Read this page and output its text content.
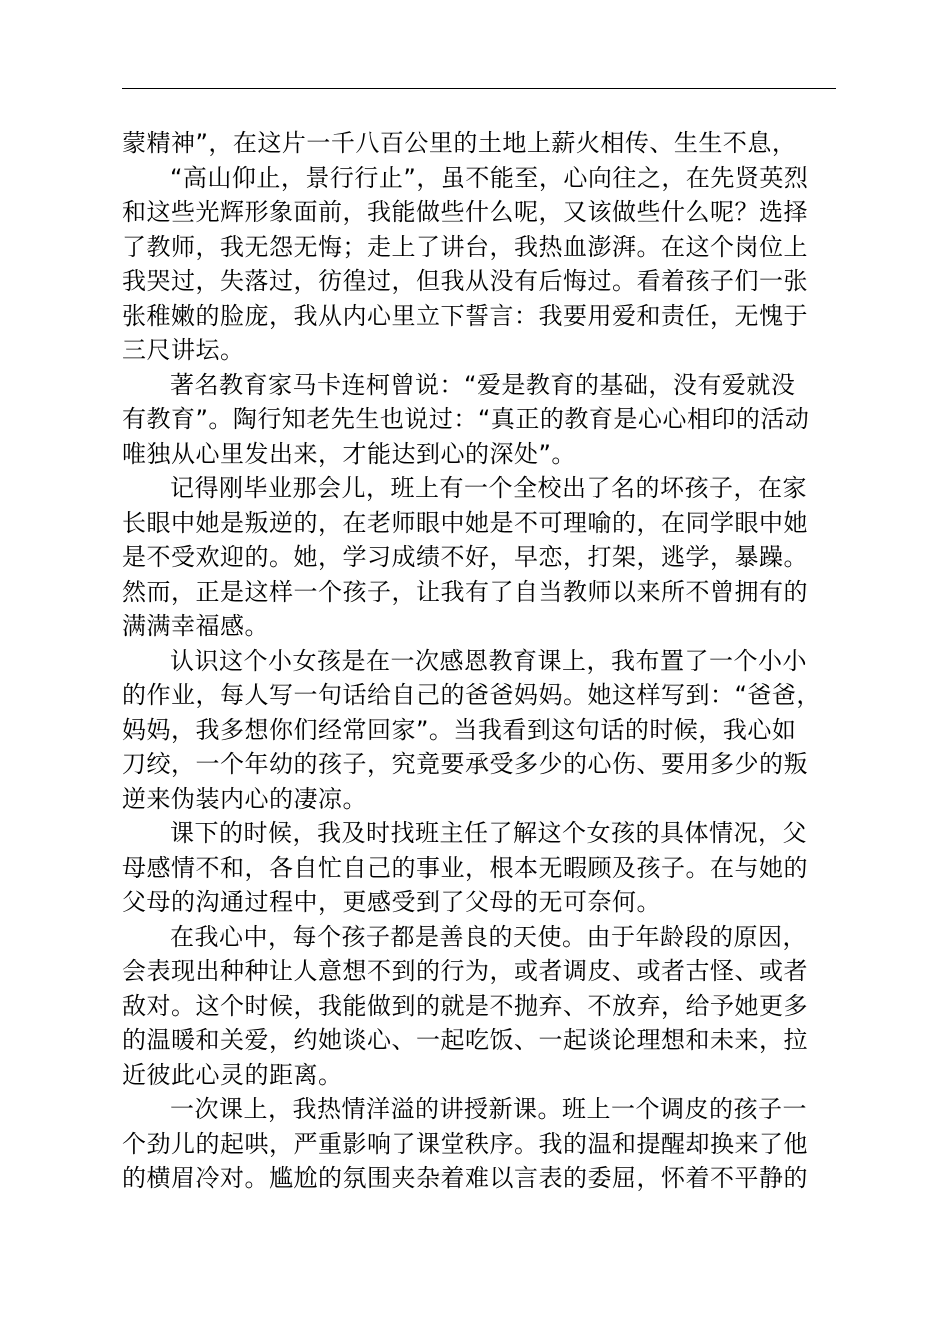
蒙精神”，在这片一千八百公里的土地上薪火相传、生生不息，
“高山仰止，景行行止”，虽不能至，心向往之，在先贤英烈
和这些光辉形象面前，我能做些什么呢，又该做些什么呢？选择
了教师，我无怨无悔；走上了讲台，我热血澎湃。在这个岗位上
我哭过，失落过，彷徨过，但我从没有后悔过。看着孩子们一张
张稚嫩的脸庞，我从内心里立下誓言：我要用爱和责任，无愧于
三尺讲坛。
著名教育家马卡连柯曾说：“爱是教育的基础，没有爱就没
有教育”。陶行知老先生也说过：“真正的教育是心心相印的活动
唯独从心里发出来，才能达到心的深处”。
记得刚毕业那会儿，班上有一个全校出了名的坏孩子，在家
长眼中她是叛逆的，在老师眼中她是不可理喻的，在同学眼中她
是不受欢迎的。她，学习成绩不好，早恋，打架，逃学，暴躁。
然而，正是这样一个孩子，让我有了自当教师以来所不曾拥有的
满满幸福感。
认识这个小女孩是在一次感恩教育课上，我布置了一个小小
的作业，每人写一句话给自己的爸爸妈妈。她这样写到：“爸爸，
妈妈，我多想你们经常回家”。当我看到这句话的时候，我心如
刀绞，一个年幼的孩子，究竟要承受多少的心伤、要用多少的叛
逆来伪装内心的凄凉。
课下的时候，我及时找班主任了解这个女孩的具体情况，父
母感情不和，各自忙自己的事业，根本无暇顾及孩子。在与她的
父母的沟通过程中，更感受到了父母的无可奈何。
在我心中，每个孩子都是善良的天使。由于年龄段的原因，
会表现出种种让人意想不到的行为，或者调皮、或者古怪、或者
敌对。这个时候，我能做到的就是不抛弃、不放弃，给予她更多
的温暖和关爱，约她谈心、一起吃饭、一起谈论理想和未来，拉
近彼此心灵的距离。
一次课上，我热情洋溢的讲授新课。班上一个调皮的孩子一
个劲儿的起哄，严重影响了课堂秩序。我的温和提醒却换来了他
的横眉冷对。尴尬的氛围夹杂着难以言表的委屈，怀着不平静的
